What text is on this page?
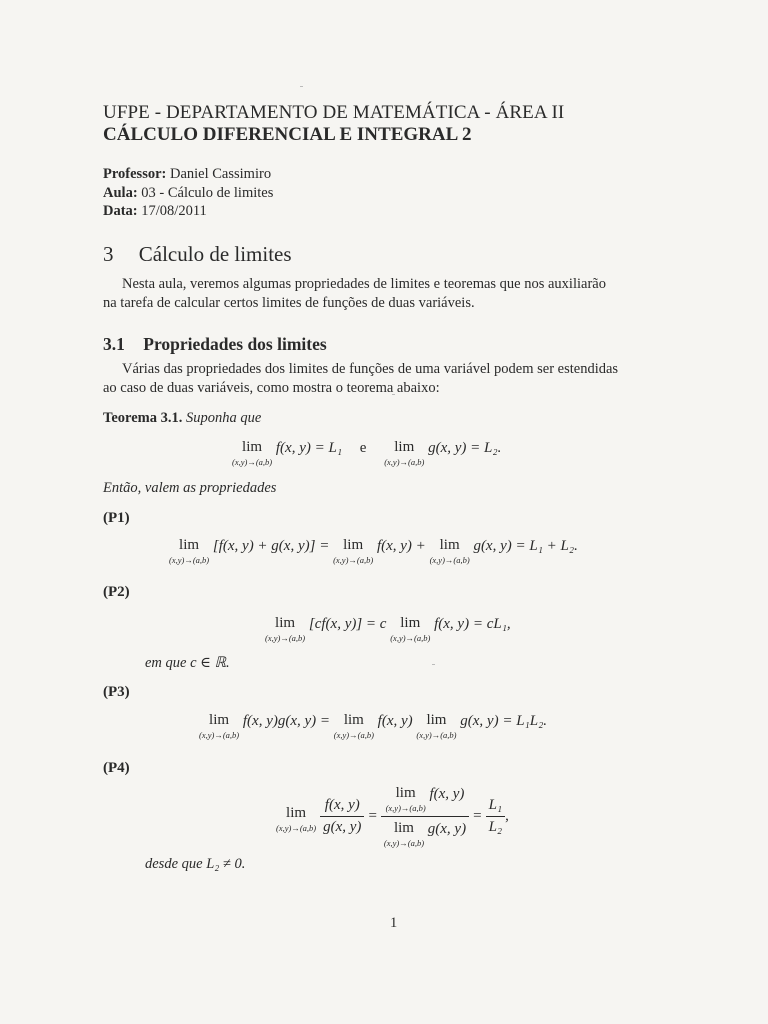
UFPE - DEPARTAMENTO DE MATEMÁTICA - ÁREA II
CÁLCULO DIFERENCIAL E INTEGRAL 2
Professor: Daniel Cassimiro
Aula: 03 - Cálculo de limites
Data: 17/08/2011
3 Cálculo de limites
Nesta aula, veremos algumas propriedades de limites e teoremas que nos auxiliarão
na tarefa de calcular certos limites de funções de duas variáveis.
3.1 Propriedades dos limites
Várias das propriedades dos limites de funções de uma variável podem ser estendidas
ao caso de duas variáveis, como mostra o teorema abaixo:
Teorema 3.1. Suponha que
lim
(x,y)→(a,b)
f(x, y) = L₁ e	lim
(x,y)→(a,b)
g(x, y) = L₂.
Então, valem as propriedades
(P1)
lim
(x,y)→(a,b)
[f(x, y) + g(x, y)] = lim
(x,y)→(a,b)
f(x, y) + lim
(x,y)→(a,b)
g(x, y) = L₁ + L₂.
(P2)
lim
(x,y)→(a,b)
[cf(x, y)] = c lim
(x,y)→(a,b)
f(x, y) = cL₁,
em que c ∈ ℝ.
(P3)
lim
(x,y)→(a,b)
f(x, y)g(x, y) = lim
(x,y)→(a,b)
f(x, y) lim
(x,y)→(a,b)
g(x, y) = L₁L₂.
(P4)
lim
$(x,y)\to(a,b) \frac{f(x, y)}{g(x, y)} = \lim$
(x,y)→(a,b)
f(x, y)
lim
(x,y)→(a,b)
g(x, $y) = \frac{\text{L₁}}{\text{L₂}}$ ,
desde que L₂ ≠ 0.
1
